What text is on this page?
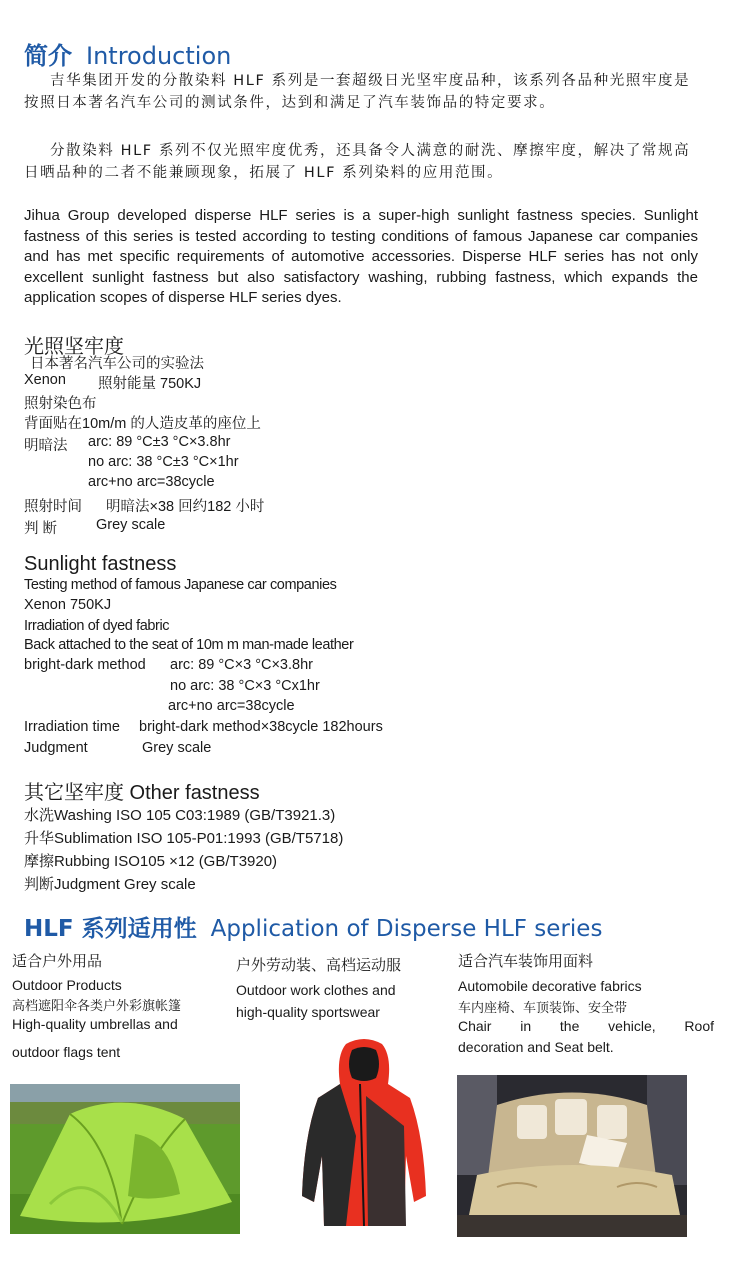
简介 Introduction
吉华集团开发的分散染料 HLF 系列是一套超级日光坚牢度品种，该系列各品种光照牢度是按照日本著名汽车公司的测试条件，达到和满足了汽车装饰品的特定要求。
分散染料 HLF 系列不仅光照牢度优秀，还具备令人满意的耐洗、摩擦牢度，解决了常规高日晒品种的二者不能兼顾现象，拓展了 HLF 系列染料的应用范围。
Jihua Group developed disperse HLF series is a super-high sunlight fastness species. Sunlight fastness of this series is tested according to testing conditions of famous Japanese car companies and has met specific requirements of automotive accessories. Disperse HLF series has not only excellent sunlight fastness but also satisfactory washing, rubbing fastness, which expands the application scopes of disperse HLF series dyes.
光照坚牢度
日本著名汽车公司的实验法
Xenon 照射能量 750KJ
照射染色布
背面贴在10m/m 的人造皮革的座位上
明暗法 arc: 89 °C±3 °C×3.8hr
no arc: 38 °C±3 °C×1hr
arc+no arc=38cycle
照射时间 明暗法×38 回约182 小时
判 断	Grey scale
Sunlight fastness
Testing method of famous Japanese car companies
Xenon 750KJ
Irradiation of dyed fabric
Back attached to the seat of 10m m man-made leather
bright-dark method arc: 89 °C×3 °C×3.8hr
no arc: 38 °C×3 °Cx1hr
arc+no arc=38cycle
Irradiation time bright-dark method×38cycle 182hours
Judgment	Grey scale
其它坚牢度 Other fastness
水洗Washing ISO 105 C03:1989 (GB/T3921.3)
升华Sublimation ISO 105-P01:1993 (GB/T5718)
摩擦Rubbing ISO105 ×12 (GB/T3920)
判断Judgment Grey scale
HLF 系列适用性 Application of Disperse HLF series
适合户外用品
Outdoor Products
高档遮阳伞各类户外彩旗帐篷
High-quality umbrellas and
outdoor flags tent
户外劳动装、高档运动服
Outdoor work clothes and
high-quality sportswear
适合汽车装饰用面料
Automobile decorative fabrics
车内座椅、车顶装饰、安全带
Chair in the vehicle, Roof
decoration and Seat belt.
